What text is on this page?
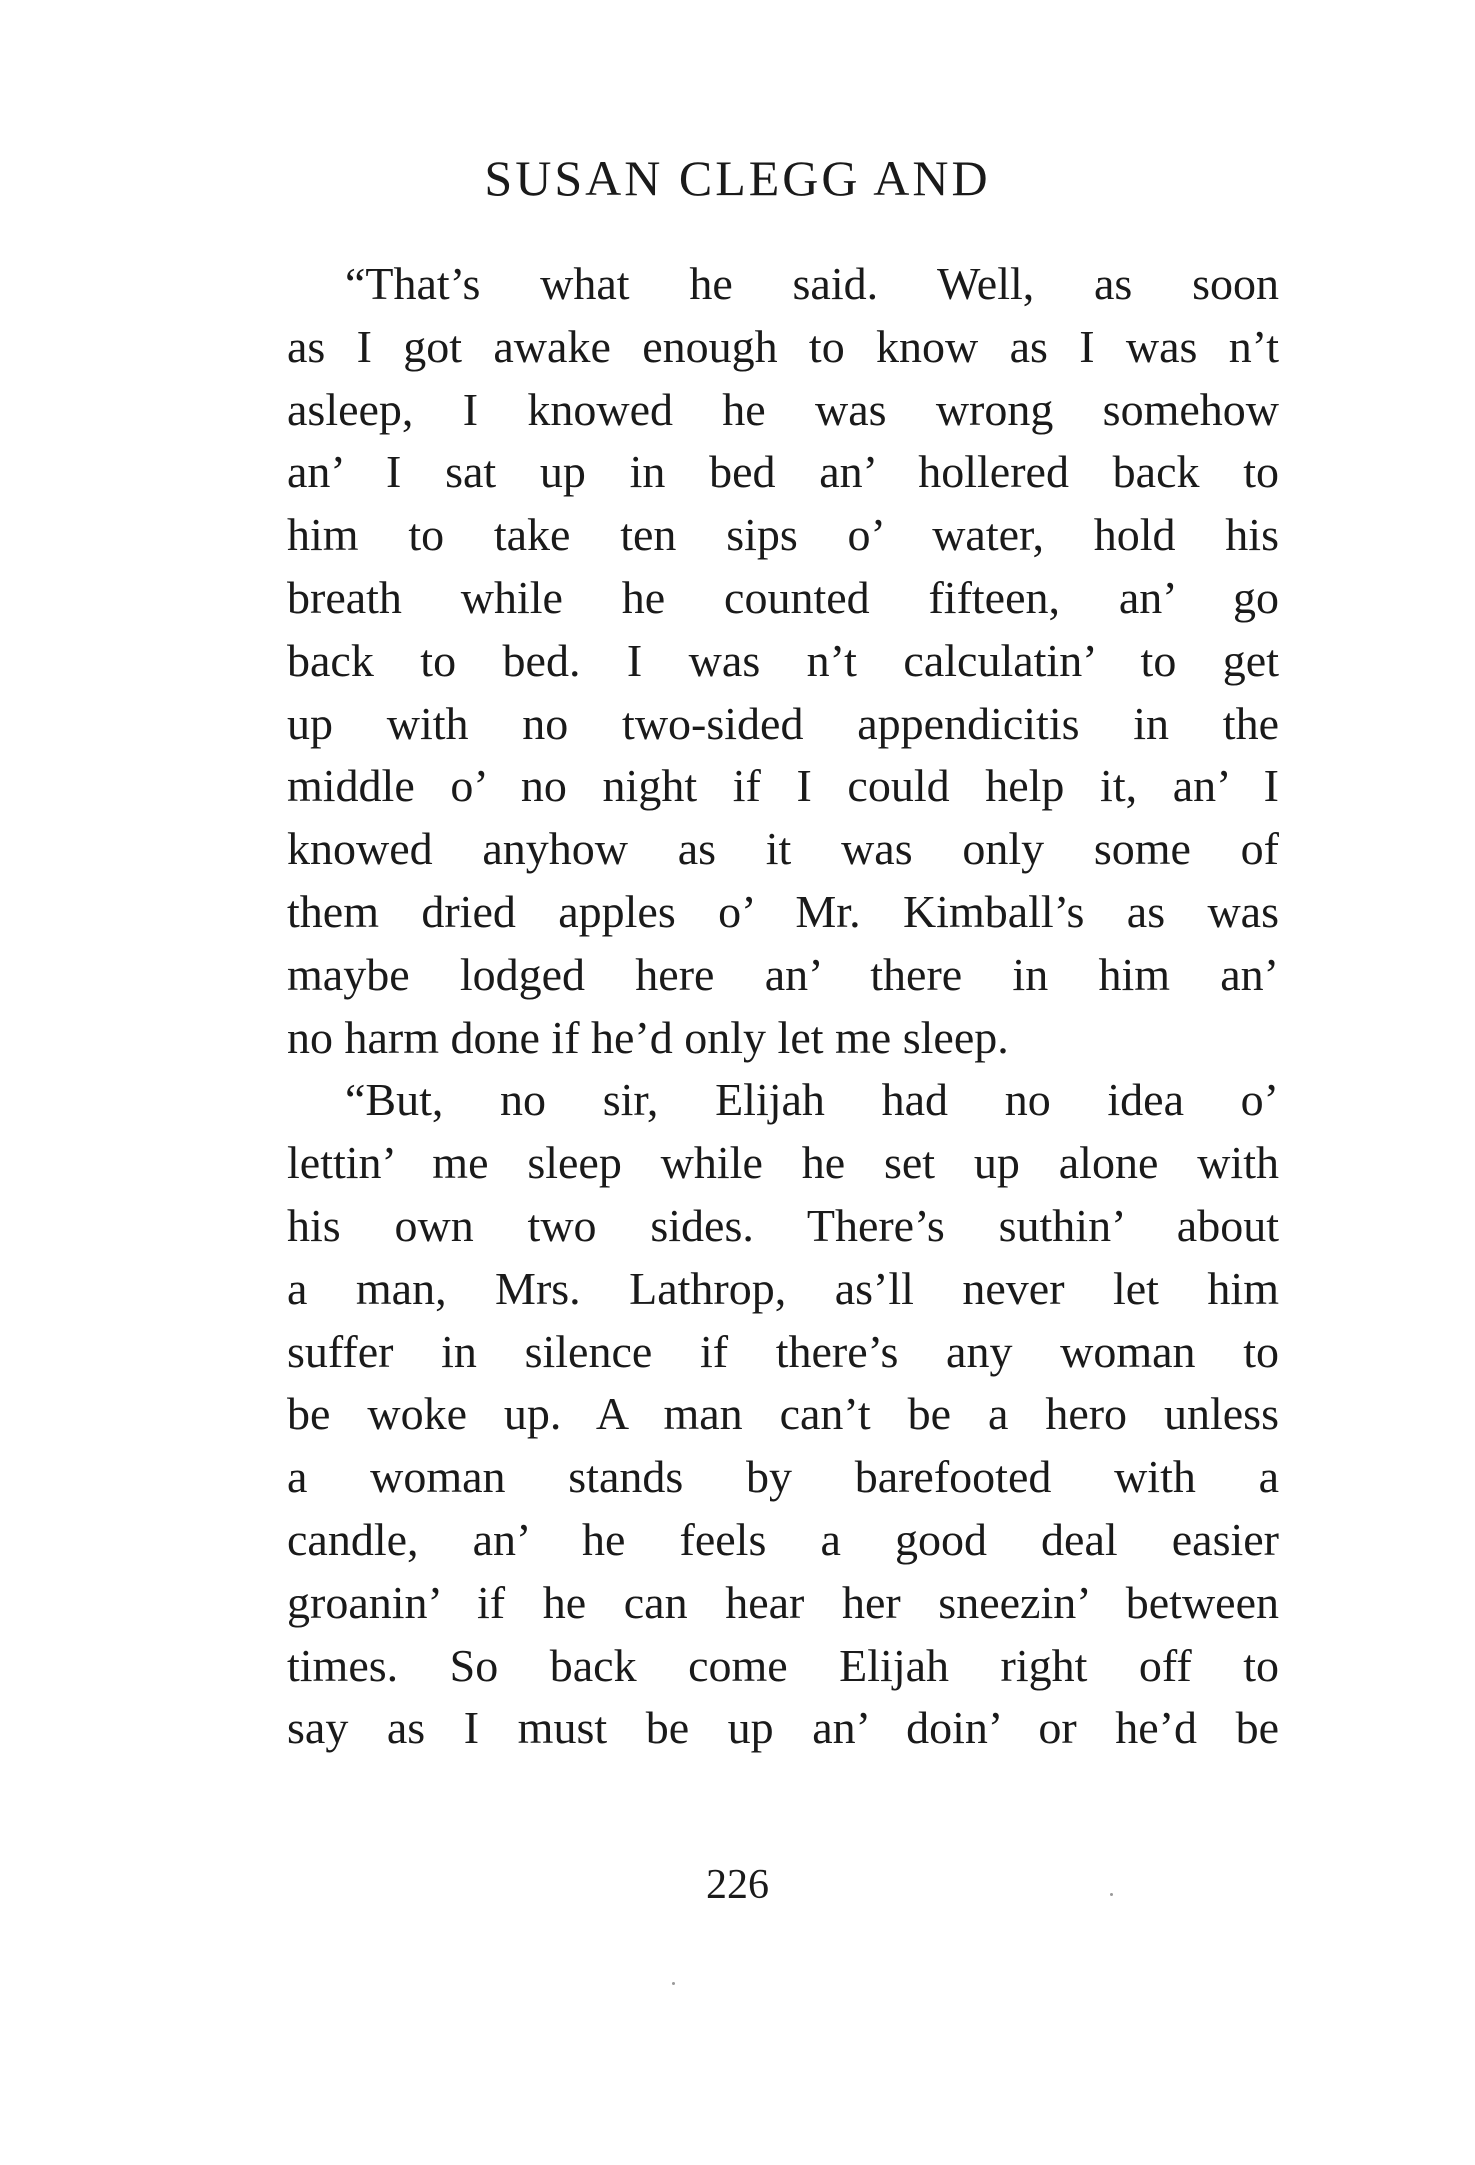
SUSAN CLEGG AND
“That’s what he said. Well, as soon
as I got awake enough to know as I was n’t
asleep, I knowed he was wrong somehow
an’ I sat up in bed an’ hollered back to
him to take ten sips o’ water, hold his
breath while he counted fifteen, an’ go
back to bed. I was n’t calculatin’ to get
up with no two-sided appendicitis in the
middle o’ no night if I could help it, an’ I
knowed anyhow as it was only some of
them dried apples o’ Mr. Kimball’s as was
maybe lodged here an’ there in him an’
no harm done if he’d only let me sleep.
“But, no sir, Elijah had no idea o’
lettin’ me sleep while he set up alone with
his own two sides. There’s suthin’ about
a man, Mrs. Lathrop, as’ll never let him
suffer in silence if there’s any woman to
be woke up. A man can’t be a hero unless
a woman stands by barefooted with a
candle, an’ he feels a good deal easier
groanin’ if he can hear her sneezin’ between
times. So back come Elijah right off to
say as I must be up an’ doin’ or he’d be
226
